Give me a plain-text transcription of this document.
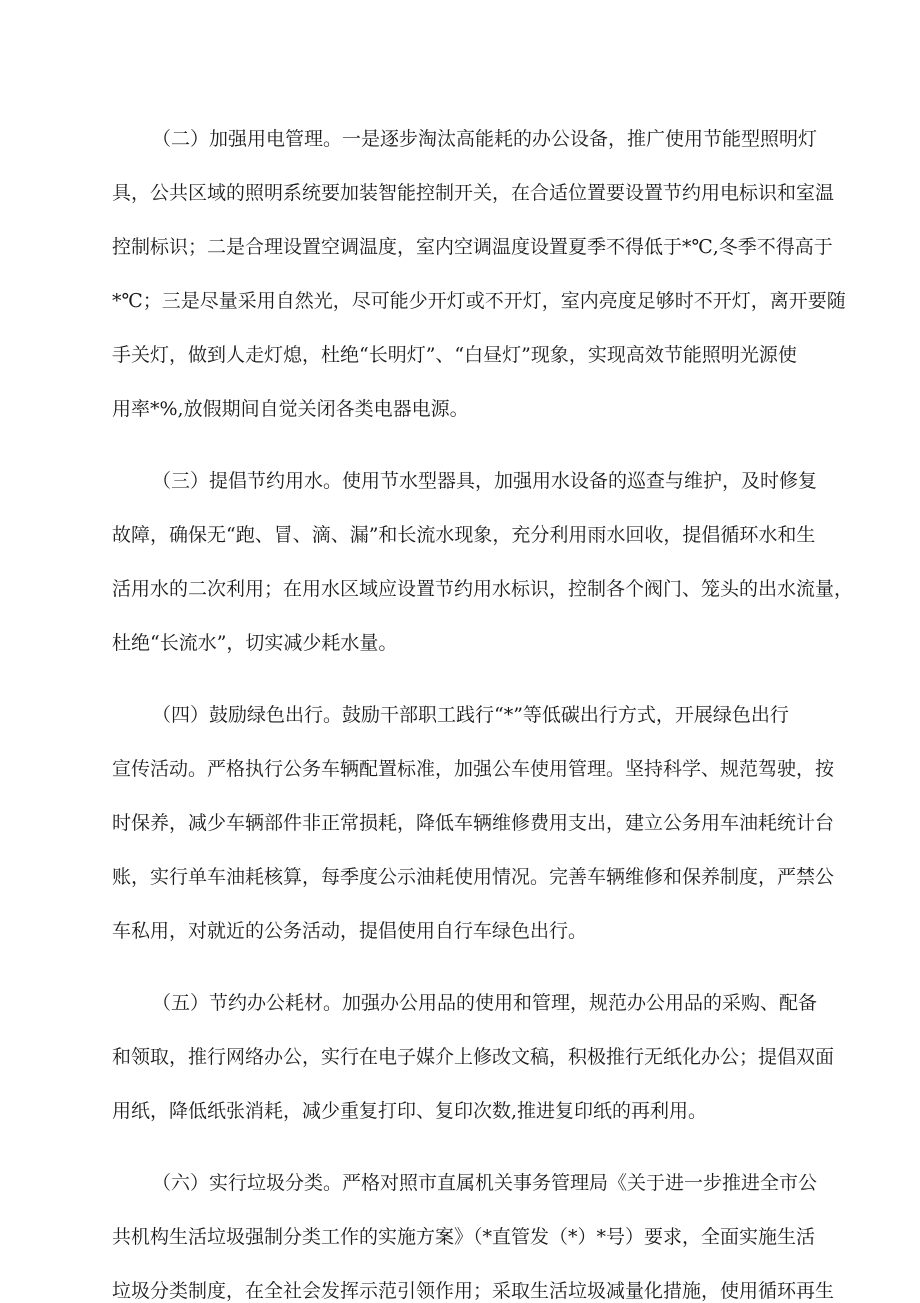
（二）加强用电管理。一是逐步淘汰高能耗的办公设备，推广使用节能型照明灯

具，公共区域的照明系统要加装智能控制开关，在合适位置要设置节约用电标识和室温

控制标识；二是合理设置空调温度，室内空调温度设置夏季不得低于*℃,冬季不得高于

*℃；三是尽量采用自然光，尽可能少开灯或不开灯，室内亮度足够时不开灯，离开要随

手关灯，做到人走灯熄，杜绝“长明灯”、“白昼灯”现象，实现高效节能照明光源使

用率*%,放假期间自觉关闭各类电器电源。

（三）提倡节约用水。使用节水型器具，加强用水设备的巡查与维护，及时修复

故障，确保无“跑、冒、滴、漏”和长流水现象，充分利用雨水回收，提倡循环水和生

活用水的二次利用；在用水区域应设置节约用水标识，控制各个阀门、笼头的出水流量，

杜绝“长流水”，切实减少耗水量。

（四）鼓励绿色出行。鼓励干部职工践行“*”等低碳出行方式，开展绿色出行

宣传活动。严格执行公务车辆配置标准，加强公车使用管理。坚持科学、规范驾驶，按

时保养，减少车辆部件非正常损耗，降低车辆维修费用支出，建立公务用车油耗统计台

账，实行单车油耗核算，每季度公示油耗使用情况。完善车辆维修和保养制度，严禁公

车私用，对就近的公务活动，提倡使用自行车绿色出行。

（五）节约办公耗材。加强办公用品的使用和管理，规范办公用品的采购、配备

和领取，推行网络办公，实行在电子媒介上修改文稿，积极推行无纸化办公；提倡双面

用纸，降低纸张消耗，减少重复打印、复印次数,推进复印纸的再利用。

（六）实行垃圾分类。严格对照市直属机关事务管理局《关于进一步推进全市公

共机构生活垃圾强制分类工作的实施方案》（*直管发（*）*号）要求，全面实施生活

垃圾分类制度，在全社会发挥示范引领作用；采取生活垃圾减量化措施，使用循环再生
